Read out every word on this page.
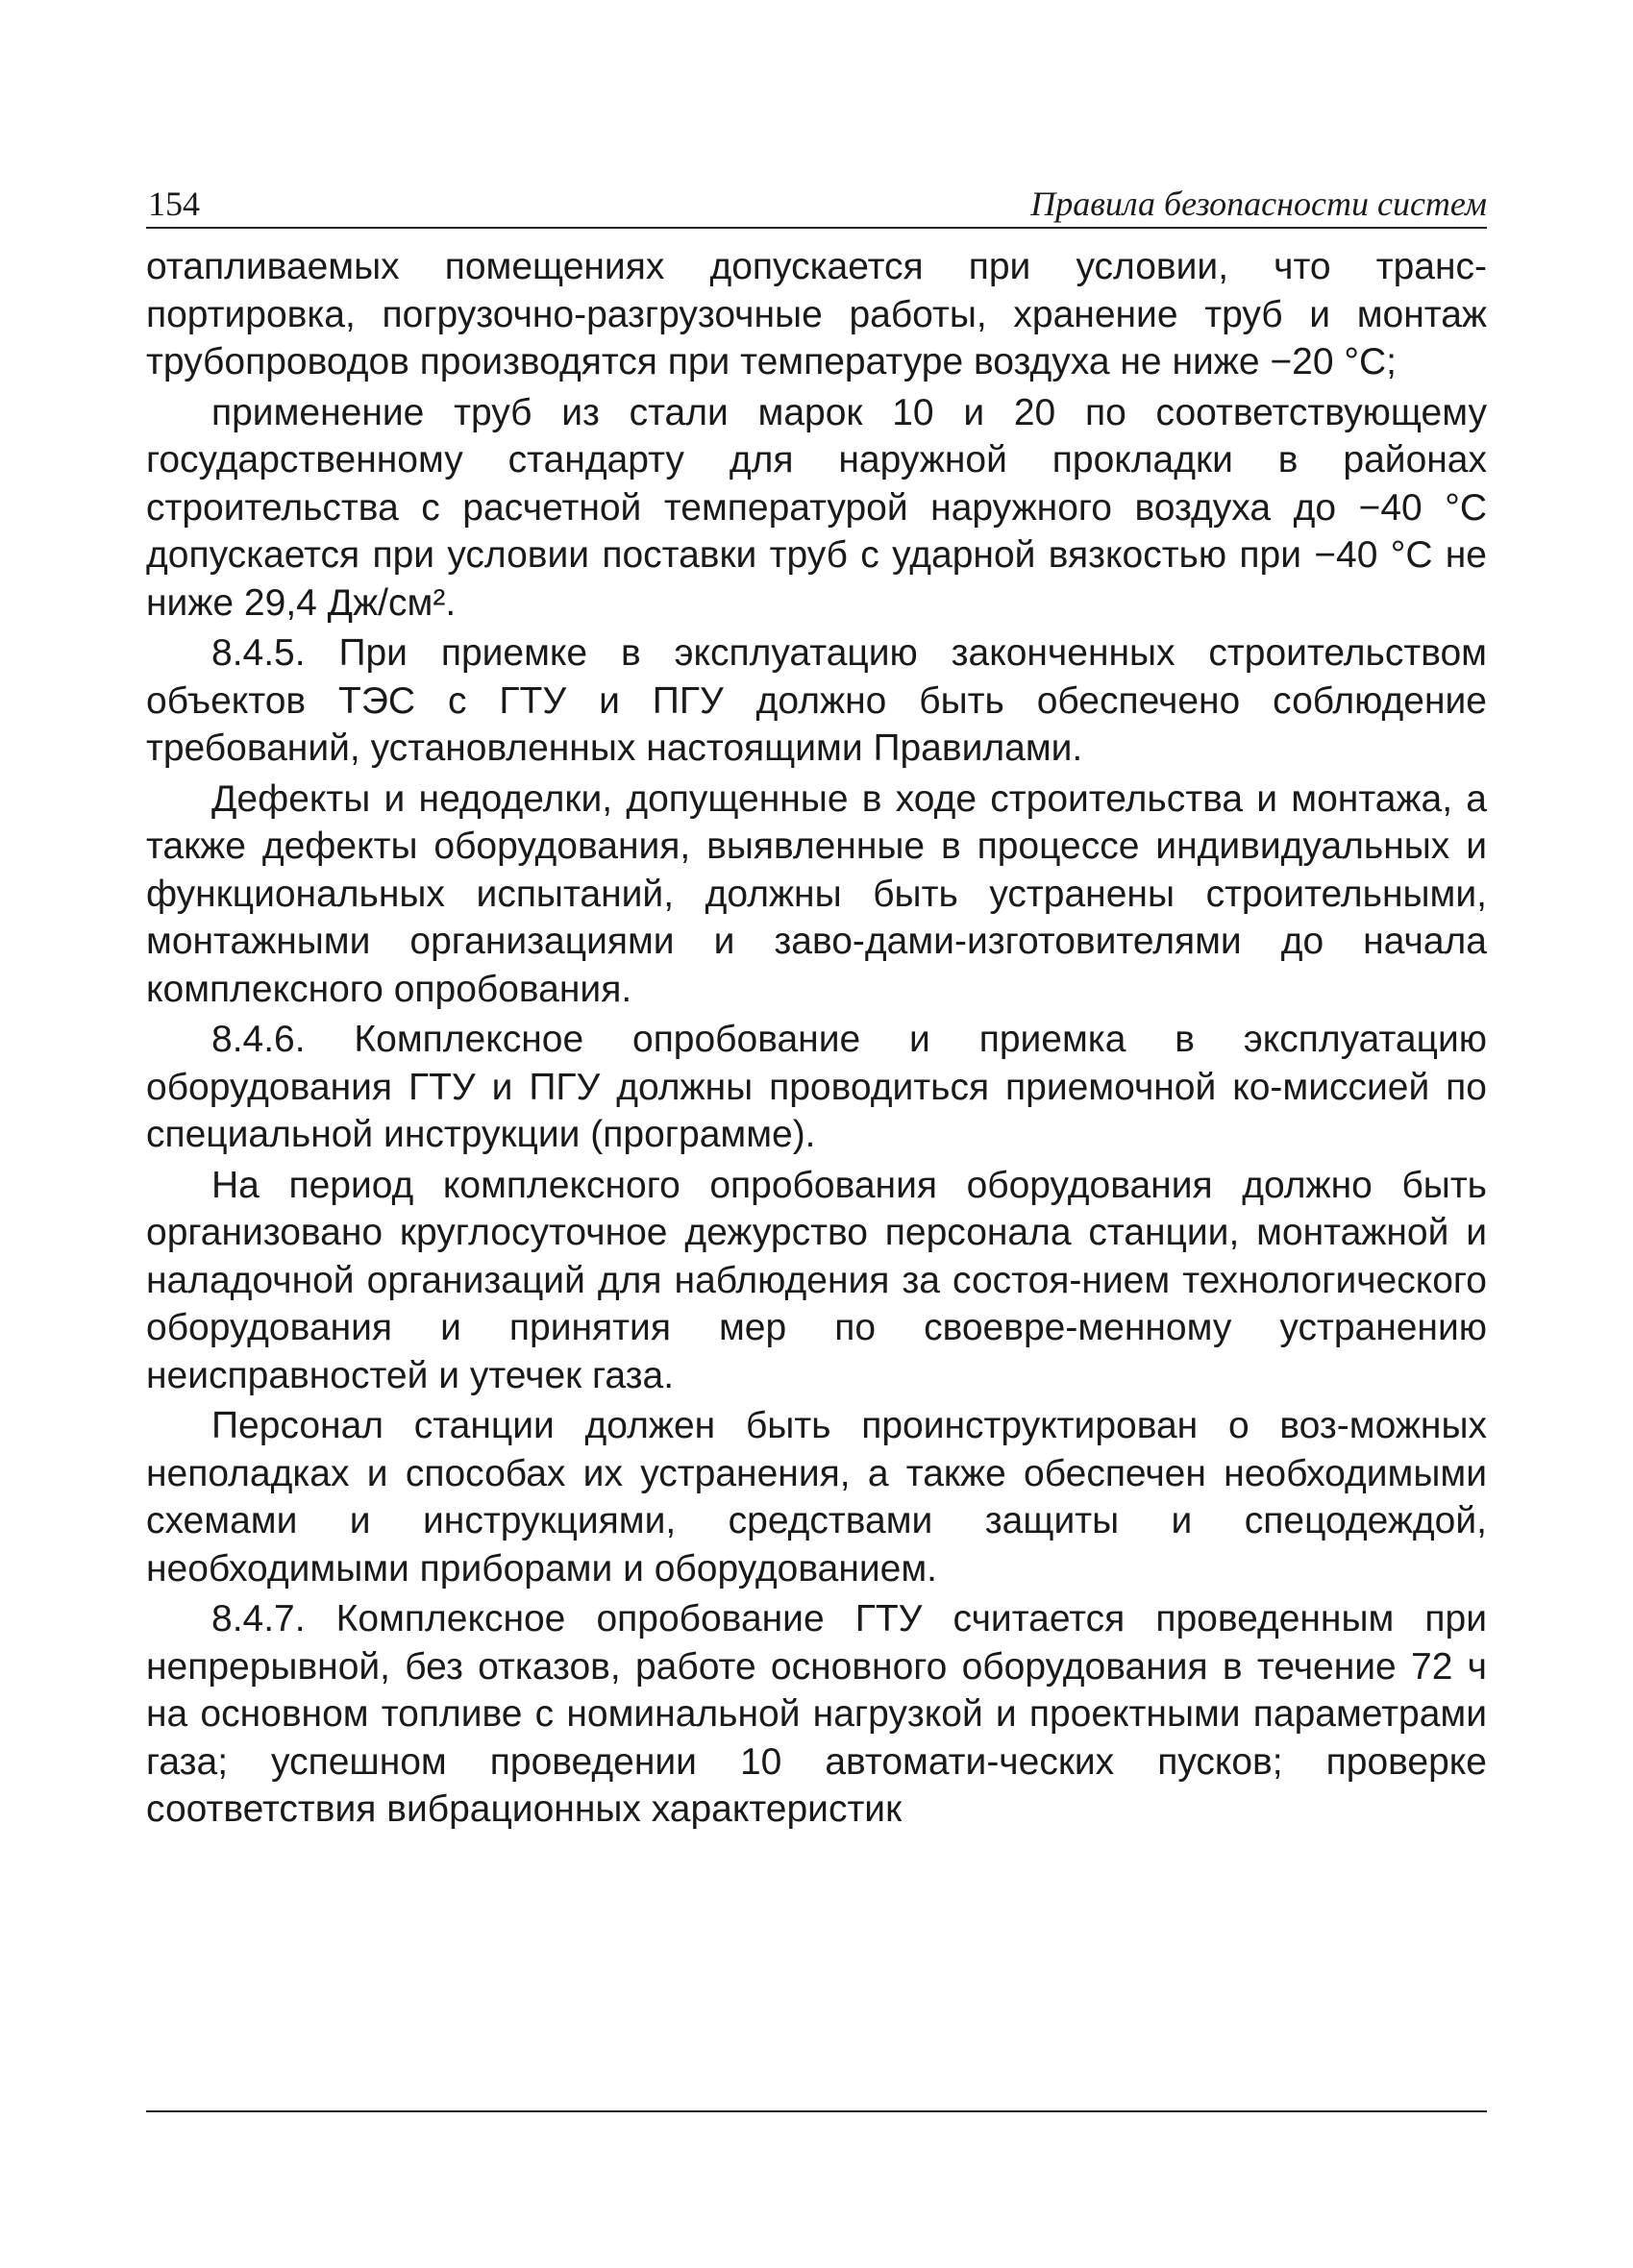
154	Правила безопасности систем

отапливаемых помещениях допускается при условии, что транс-портировка, погрузочно-разгрузочные работы, хранение труб и монтаж трубопроводов производятся при температуре воздуха не ниже −20 °С;

применение труб из стали марок 10 и 20 по соответствующему государственному стандарту для наружной прокладки в районах строительства с расчетной температурой наружного воздуха до −40 °С допускается при условии поставки труб с ударной вязкостью при −40 °С не ниже 29,4 Дж/см².

8.4.5. При приемке в эксплуатацию законченных строительством объектов ТЭС с ГТУ и ПГУ должно быть обеспечено соблюдение требований, установленных настоящими Правилами.

Дефекты и недоделки, допущенные в ходе строительства и монтажа, а также дефекты оборудования, выявленные в процессе индивидуальных и функциональных испытаний, должны быть устранены строительными, монтажными организациями и заво-дами-изготовителями до начала комплексного опробования.

8.4.6. Комплексное опробование и приемка в эксплуатацию оборудования ГТУ и ПГУ должны проводиться приемочной ко-миссией по специальной инструкции (программе).

На период комплексного опробования оборудования должно быть организовано круглосуточное дежурство персонала станции, монтажной и наладочной организаций для наблюдения за состоя-нием технологического оборудования и принятия мер по своевре-менному устранению неисправностей и утечек газа.

Персонал станции должен быть проинструктирован о воз-можных неполадках и способах их устранения, а также обеспечен необходимыми схемами и инструкциями, средствами защиты и спецодеждой, необходимыми приборами и оборудованием.

8.4.7. Комплексное опробование ГТУ считается проведенным при непрерывной, без отказов, работе основного оборудования в течение 72 ч на основном топливе с номинальной нагрузкой и проектными параметрами газа; успешном проведении 10 автомати-ческих пусков; проверке соответствия вибрационных характеристик
